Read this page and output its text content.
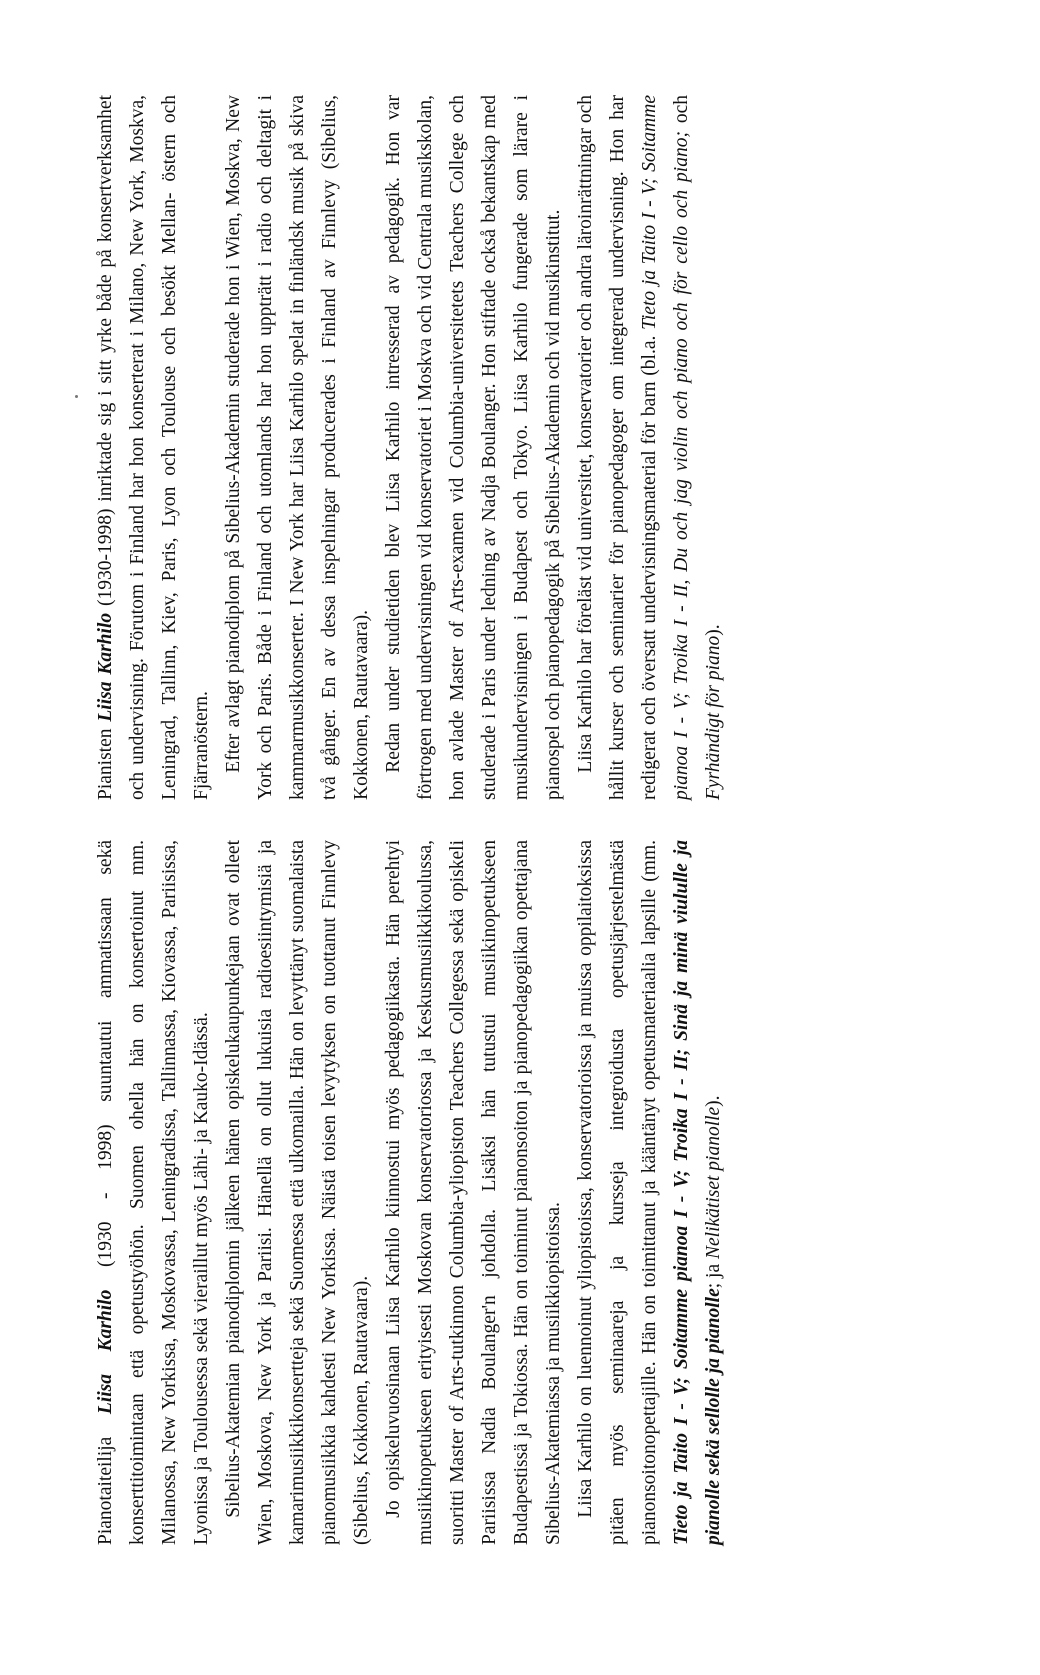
Pianotaiteilija Liisa Karhilo (1930 - 1998) suuntautui ammatissaan sekä konserttitoimintaan että opetustyöhön. Suomen ohella hän on konsertoinut mm. Milanossa, New Yorkissa, Moskovassa, Leningradissa, Tallinnassa, Kiovassa, Pariisissa, Lyonissa ja Toulousessa sekä vieraillut myös Lähi- ja Kauko-Idässä. Sibelius-Akatemian pianodiplomin jälkeen hänen opiskelukaupunkejaan ovat olleet Wien, Moskova, New York ja Pariisi. Hänellä on ollut lukuisia radioesiintymisiä ja kamarimusiikkikonsertteja sekä Suomessa että ulkomailla. Hän on levyttänyt suomalaista pianomusiikkia kahdesti New Yorkissa. Näistä toisen levytyksen on tuottanut Finnlevy (Sibelius, Kokkonen, Rautavaara). Jo opiskeluvuosinaan Liisa Karhilo kiinnostui myös pedagogiikasta. Hän perehtyi musiikinopetukseen erityisesti Moskovan konservatoriossa ja Keskusmusiikkikoulussa, suoritti Master of Arts-tutkinnon Columbia-yliopiston Teachers Collegessa sekä opiskeli Pariisissa Nadia Boulanger'n johdolla. Lisäksi hän tutustui musiikinopetukseen Budapestissä ja Tokiossa. Hän on toiminut pianonsoiton ja pianopedagogiikan opettajana Sibelius-Akatemiassa ja musiikkiopistoissa. Liisa Karhilo on luennoinut yliopistoissa, konservatorioissa ja muissa oppilaitoksissa pitäen myös seminaareja ja kursseja integroidusta opetusjärjestelmästä pianonsoitonopettajille. Hän on toimittanut ja kääntänyt opetusmateriaalia lapsille (mm. Tieto ja Taito I - V; Soitamme pianoa I - V; Troika I - II; Sinä ja minä viululle ja pianolle sekä sellolle ja pianolle; ja Nelikätiset pianolle).

Pianisten Liisa Karhilo (1930-1998) inriktade sig i sitt yrke både på konsertverksamhet och undervisning. Förutom i Finland har hon konserterat i Milano, New York, Moskva, Leningrad, Tallinn, Kiev, Paris, Lyon och Toulouse och besökt Mellan- östern och Fjärranöstern. Efter avlagt pianodiplom på Sibelius-Akademin studerade hon i Wien, Moskva, New York och Paris. Både i Finland och utomlands har hon uppträtt i radio och deltagit i kammarmusikkonserter. I New York har Liisa Karhilo spelat in finländsk musik på skiva två gånger. En av dessa inspelningar producerades i Finland av Finnlevy (Sibelius, Kokkonen, Rautavaara). Redan under studietiden blev Liisa Karhilo intresserad av pedagogik. Hon var förtrogen med undervisningen vid konservatoriet i Moskva och vid Centrala musikskolan, hon avlade Master of Arts-examen vid Columbia-universitetets Teachers College och studerade i Paris under ledning av Nadja Boulanger. Hon stiftade också bekantskap med musikundervisningen i Budapest och Tokyo. Liisa Karhilo fungerade som lärare i pianospel och pianopedagogik på Sibelius-Akademin och vid musikinstitut. Liisa Karhilo har föreläst vid universitet, konservatorier och andra läroinrättningar och hållit kurser och seminarier för pianopedagoger om integrerad undervisning. Hon har redigerat och översatt undervisningsmaterial för barn (bl.a. Tieto ja Taito I - V; Soitamme pianoa I - V; Troika I - II, Du och jag violin och piano och för cello och piano; och Fyrhändigt för piano).
